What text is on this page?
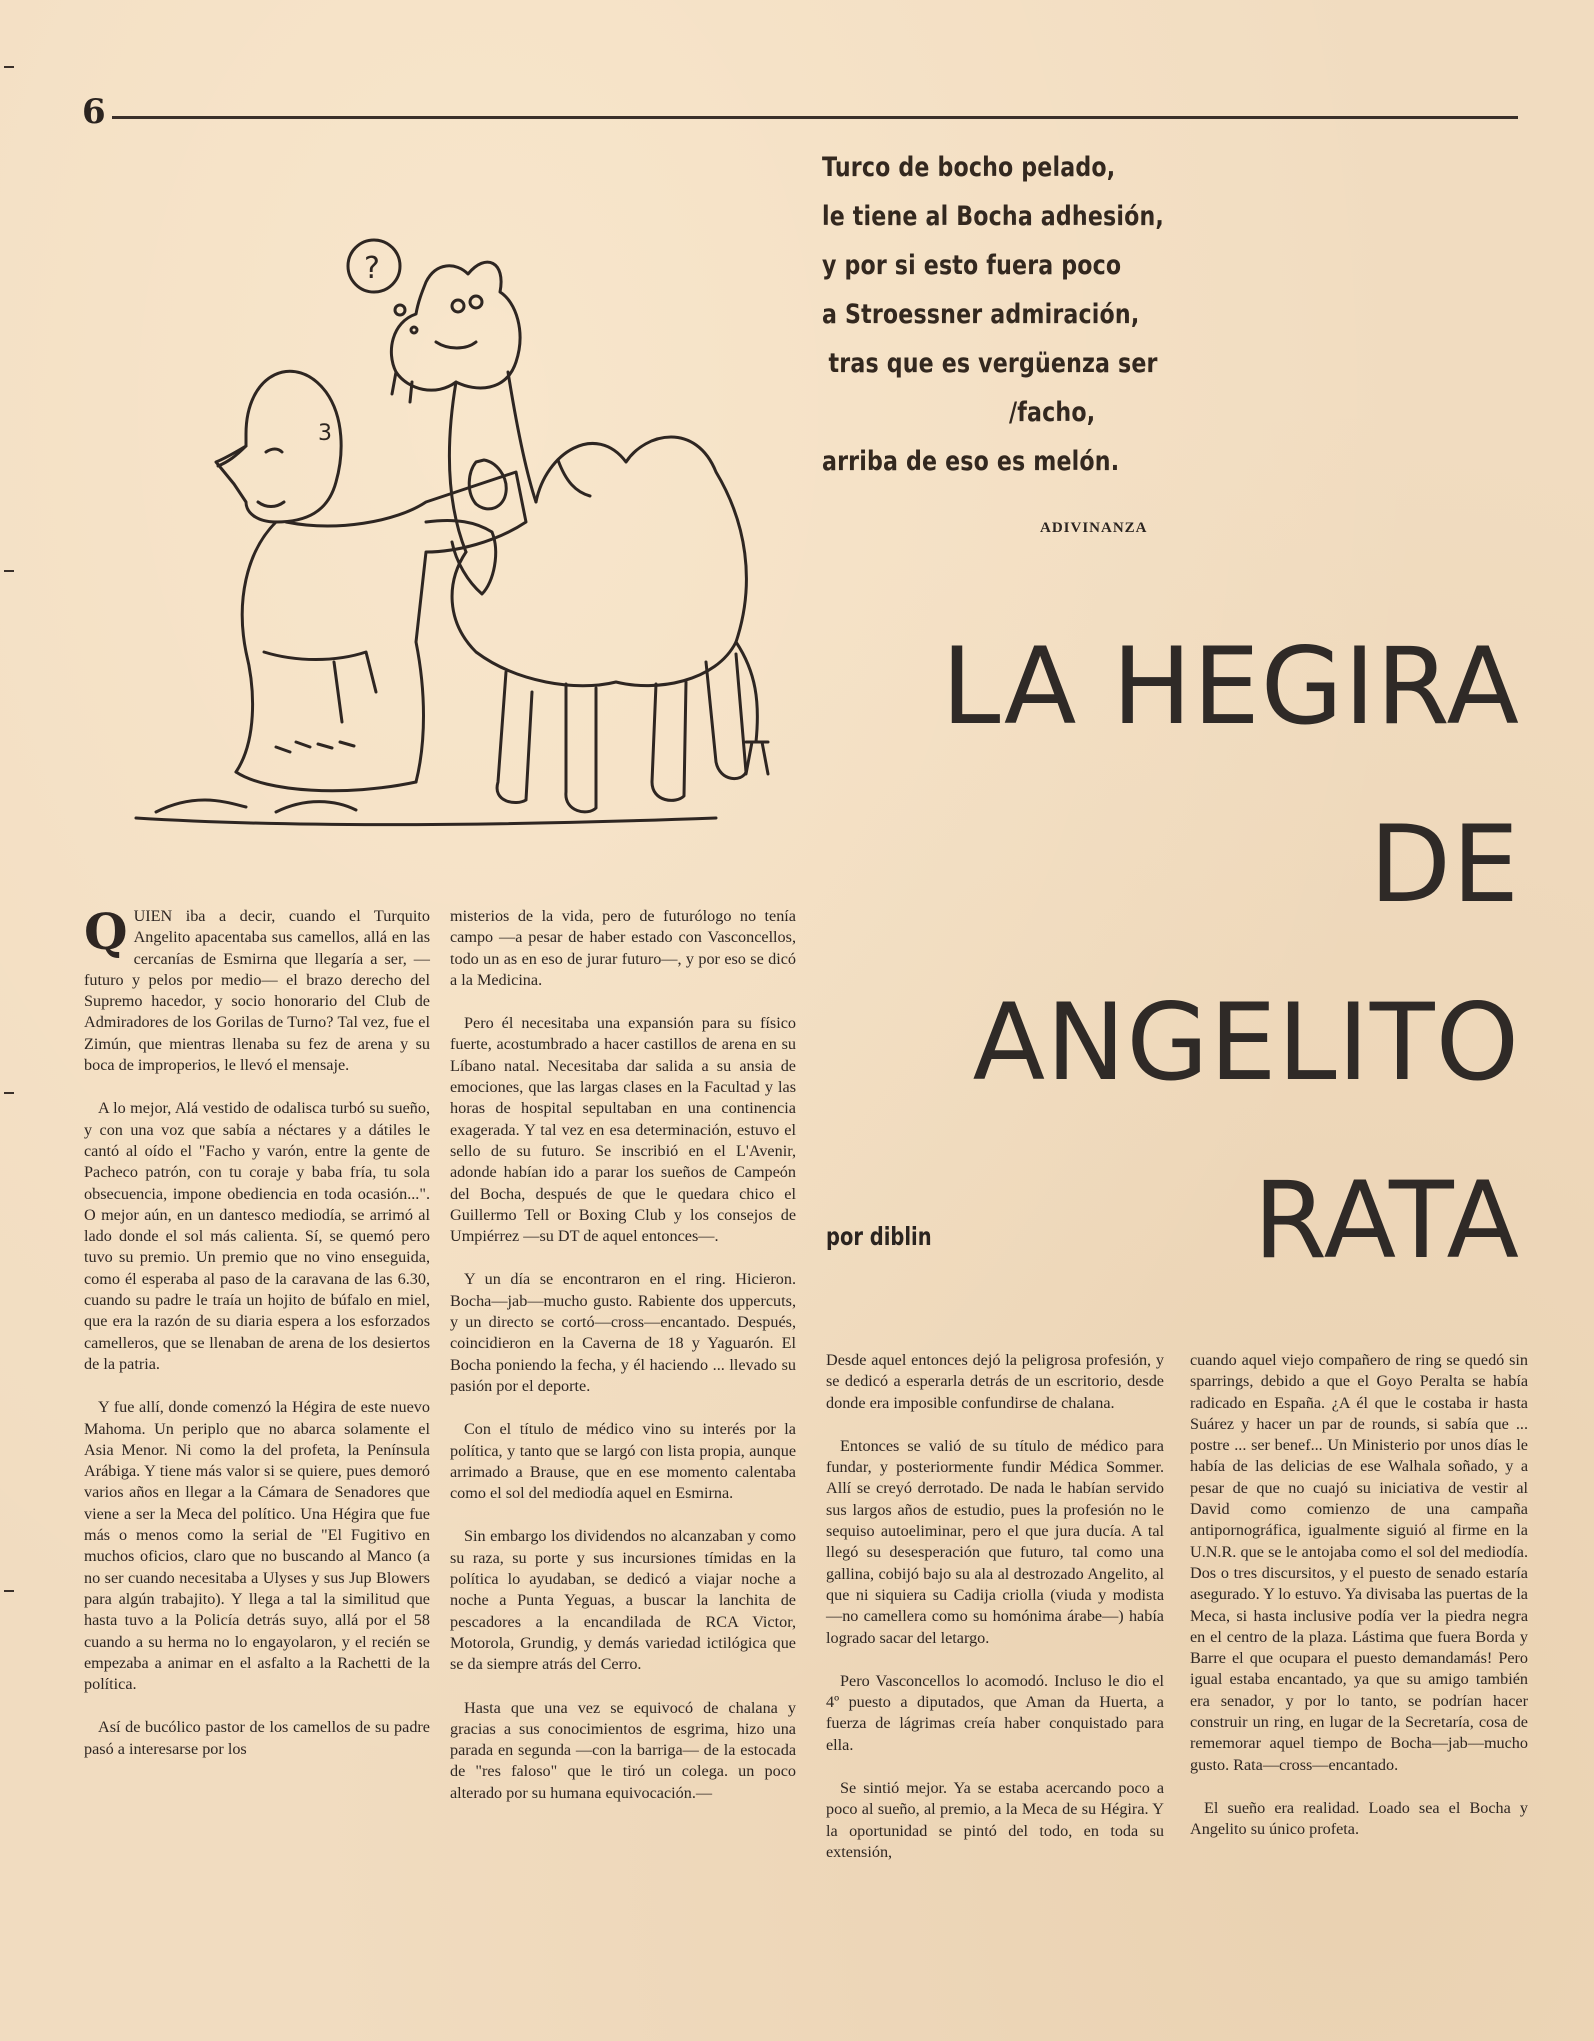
6
?
3
Turco de bocho pelado,
le tiene al Bocha adhesión,
y por si esto fuera poco
a Stroessner admiración,
tras que es vergüenza ser
/facho,
arriba de eso es melón.
ADIVINANZA
LA HEGIRA
DE
ANGELITO
RATA
por diblin

QUIEN iba a decir, cuando el Turquito Angelito apacentaba sus camellos, allá en las cercanías de Esmirna que llegaría a ser, —futuro y pelos por medio— el brazo derecho del Supremo hacedor, y socio honorario del Club de Admiradores de los Gorilas de Turno? Tal vez, fue el Zimún, que mientras llenaba su fez de arena y su boca de improperios, le llevó el mensaje.

A lo mejor, Alá vestido de odalisca turbó su sueño, y con una voz que sabía a néctares y a dátiles le cantó al oído el "Facho y varón, entre la gente de Pacheco patrón, con tu coraje y baba fría, tu sola obsecuencia, impone obediencia en toda ocasión...". O mejor aún, en un dantesco mediodía, se arrimó al lado donde el sol más calienta. Sí, se quemó pero tuvo su premio. Un premio que no vino enseguida, como él esperaba al paso de la caravana de las 6.30, cuando su padre le traía un hojito de búfalo en miel, que era la razón de su diaria espera a los esforzados camelleros, que se llenaban de arena de los desiertos de la patria.

Y fue allí, donde comenzó la Hégira de este nuevo Mahoma. Un periplo que no abarca solamente el Asia Menor. Ni como la del profeta, la Península Arábiga. Y tiene más valor si se quiere, pues demoró varios años en llegar a la Cámara de Senadores que viene a ser la Meca del político. Una Hégira que fue más o menos como la serial de "El Fugitivo en muchos oficios, claro que no buscando al Manco (a no ser cuando necesitaba a Ulyses y sus Jup Blowers para algún trabajito). Y llega a tal la similitud que hasta tuvo a la Policía detrás suyo, allá por el 58 cuando a su herma no lo engayolaron, y el recién se empezaba a animar en el asfalto a la Rachetti de la política.

Así de bucólico pastor de los camellos de su padre pasó a interesarse por los

misterios de la vida, pero de futurólogo no tenía campo —a pesar de haber estado con Vasconcellos, todo un as en eso de jurar futuro—, y por eso se dicó a la Medicina.

Pero él necesitaba una expansión para su físico fuerte, acostumbrado a hacer castillos de arena en su Líbano natal. Necesitaba dar salida a su ansia de emociones, que las largas clases en la Facultad y las horas de hospital sepultaban en una continencia exagerada. Y tal vez en esa determinación, estuvo el sello de su futuro. Se inscribió en el L'Avenir, adonde habían ido a parar los sueños de Campeón del Bocha, después de que le quedara chico el Guillermo Tell or Boxing Club y los consejos de Umpiérrez —su DT de aquel entonces—.

Y un día se encontraron en el ring. Hicieron. Bocha—jab—mucho gusto. Rabiente dos uppercuts, y un directo se cortó—cross—encantado. Después, coincidieron en la Caverna de 18 y Yaguarón. El Bocha poniendo la fecha, y él haciendo ... llevado su pasión por el deporte.

Con el título de médico vino su interés por la política, y tanto que se largó con lista propia, aunque arrimado a Brause, que en ese momento calentaba como el sol del mediodía aquel en Esmirna.

Sin embargo los dividendos no alcanzaban y como su raza, su porte y sus incursiones tímidas en la política lo ayudaban, se dedicó a viajar noche a noche a Punta Yeguas, a buscar la lanchita de pescadores a la encandilada de RCA Victor, Motorola, Grundig, y demás variedad ictilógica que se da siempre atrás del Cerro.

Hasta que una vez se equivocó de chalana y gracias a sus conocimientos de esgrima, hizo una parada en segunda —con la barriga— de la estocada de "res faloso" que le tiró un colega. un poco alterado por su humana equivocación.—

Desde aquel entonces dejó la peligrosa profesión, y se dedicó a esperarla detrás de un escritorio, desde donde era imposible confundirse de chalana.

Entonces se valió de su título de médico para fundar, y posteriormente fundir Médica Sommer. Allí se creyó derrotado. De nada le habían servido sus largos años de estudio, pues la profesión no le sequiso autoeliminar, pero el que jura ducía. A tal llegó su desesperación que futuro, tal como una gallina, cobijó bajo su ala al destrozado Angelito, al que ni siquiera su Cadija criolla (viuda y modista —no camellera como su homónima árabe—) había logrado sacar del letargo.

Pero Vasconcellos lo acomodó. Incluso le dio el 4º puesto a diputados, que Aman da Huerta, a fuerza de lágrimas creía haber conquistado para ella.

Se sintió mejor. Ya se estaba acercando poco a poco al sueño, al premio, a la Meca de su Hégira. Y la oportunidad se pintó del todo, en toda su extensión,

cuando aquel viejo compañero de ring se quedó sin sparrings, debido a que el Goyo Peralta se había radicado en España. ¿A él que le costaba ir hasta Suárez y hacer un par de rounds, si sabía que ... postre ... ser benef... Un Ministerio por unos días le había de las delicias de ese Walhala soñado, y a pesar de que no cuajó su iniciativa de vestir al David como comienzo de una campaña antipornográfica, igualmente siguió al firme en la U.N.R. que se le antojaba como el sol del mediodía. Dos o tres discursitos, y el puesto de senado estaría asegurado. Y lo estuvo. Ya divisaba las puertas de la Meca, si hasta inclusive podía ver la piedra negra en el centro de la plaza. Lástima que fuera Borda y Barre el que ocupara el puesto demandamás! Pero igual estaba encantado, ya que su amigo también era senador, y por lo tanto, se podrían hacer construir un ring, en lugar de la Secretaría, cosa de rememorar aquel tiempo de Bocha—jab—mucho gusto. Rata—cross—encantado.

El sueño era realidad. Loado sea el Bocha y Angelito su único profeta.
